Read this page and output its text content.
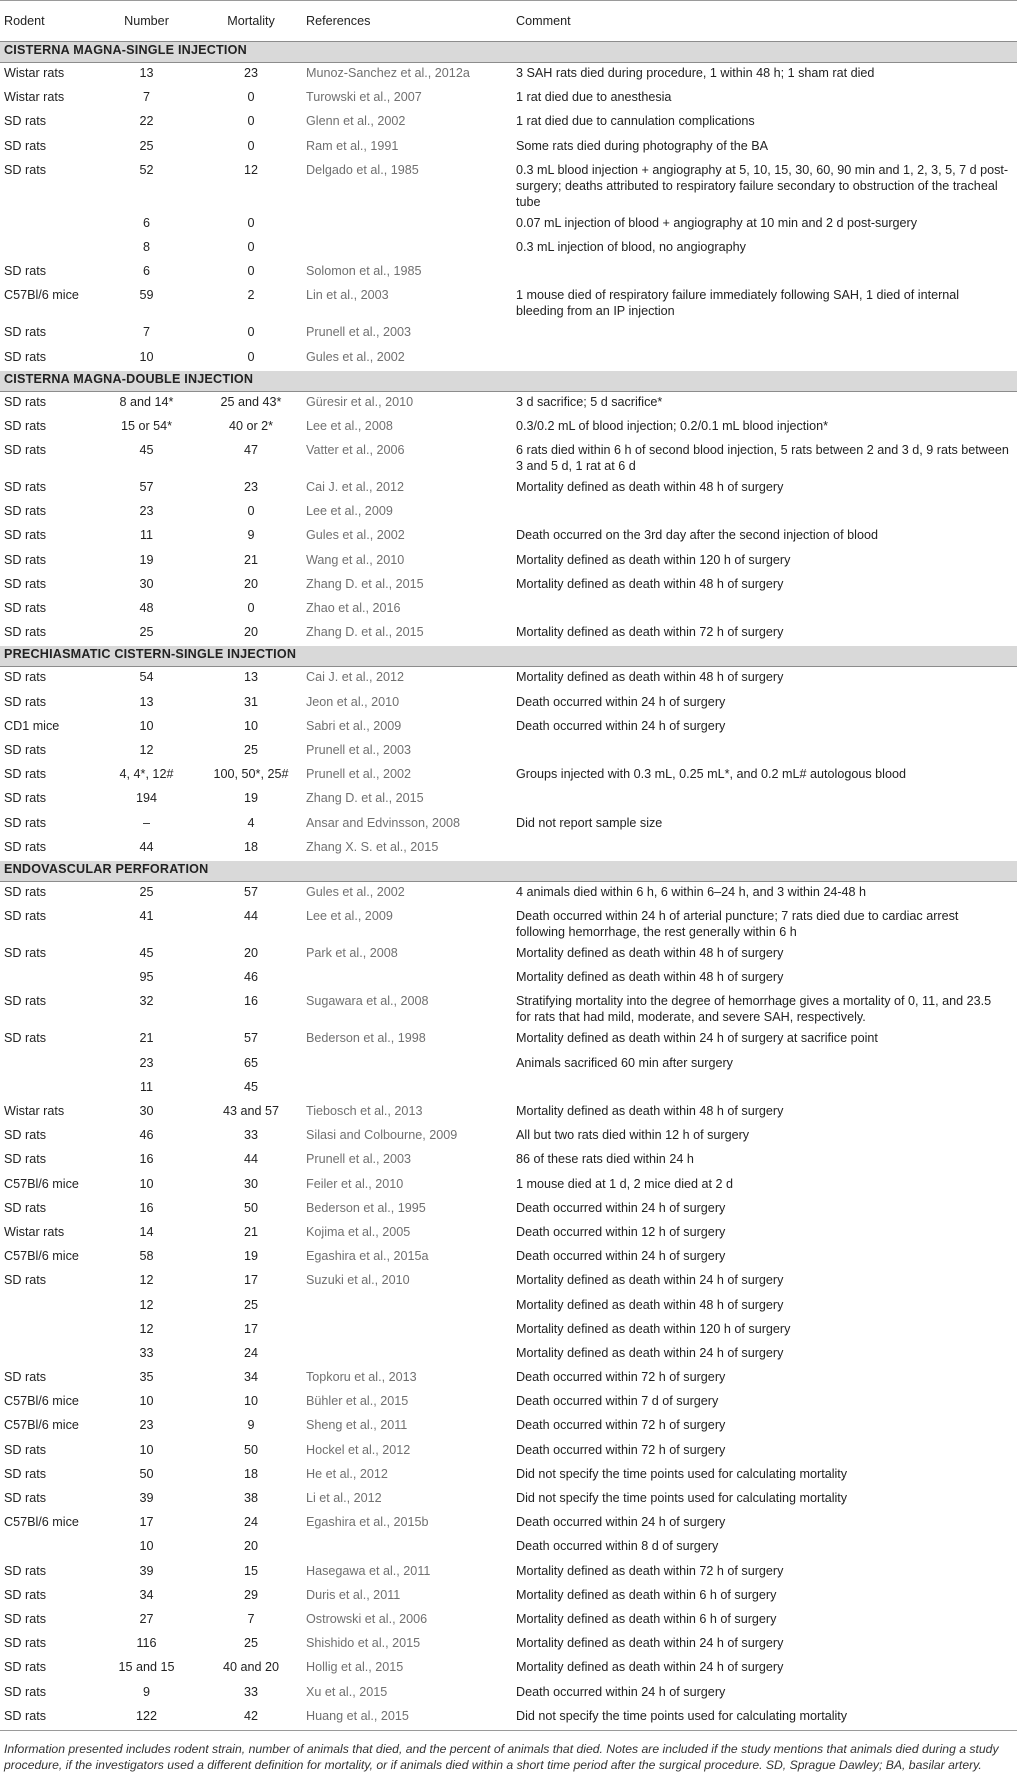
Rodent	Number	Mortality	References	Comment
CISTERNA MAGNA-SINGLE INJECTION				
Wistar rats	13	23	Munoz-Sanchez et al., 2012a	3 SAH rats died during procedure, 1 within 48 h; 1 sham rat died
Wistar rats	7	0	Turowski et al., 2007	1 rat died due to anesthesia
SD rats	22	0	Glenn et al., 2002	1 rat died due to cannulation complications
SD rats	25	0	Ram et al., 1991	Some rats died during photography of the BA
SD rats	52	12	Delgado et al., 1985	0.3 mL blood injection + angiography at 5, 10, 15, 30, 60, 90 min and 1, 2, 3, 5, 7 d post-surgery; deaths attributed to respiratory failure secondary to obstruction of the tracheal tube
	6	0		0.07 mL injection of blood + angiography at 10 min and 2 d post-surgery
	8	0		0.3 mL injection of blood, no angiography
SD rats	6	0	Solomon et al., 1985	
C57Bl/6 mice	59	2	Lin et al., 2003	1 mouse died of respiratory failure immediately following SAH, 1 died of internal bleeding from an IP injection
SD rats	7	0	Prunell et al., 2003	
SD rats	10	0	Gules et al., 2002	
CISTERNA MAGNA-DOUBLE INJECTION				
SD rats	8 and 14*	25 and 43*	Güresir et al., 2010	3 d sacrifice; 5 d sacrifice*
SD rats	15 or 54*	40 or 2*	Lee et al., 2008	0.3/0.2 mL of blood injection; 0.2/0.1 mL blood injection*
SD rats	45	47	Vatter et al., 2006	6 rats died within 6 h of second blood injection, 5 rats between 2 and 3 d, 9 rats between 3 and 5 d, 1 rat at 6 d
SD rats	57	23	Cai J. et al., 2012	Mortality defined as death within 48 h of surgery
SD rats	23	0	Lee et al., 2009	
SD rats	11	9	Gules et al., 2002	Death occurred on the 3rd day after the second injection of blood
SD rats	19	21	Wang et al., 2010	Mortality defined as death within 120 h of surgery
SD rats	30	20	Zhang D. et al., 2015	Mortality defined as death within 48 h of surgery
SD rats	48	0	Zhao et al., 2016	
SD rats	25	20	Zhang D. et al., 2015	Mortality defined as death within 72 h of surgery
PRECHIASMATIC CISTERN-SINGLE INJECTION				
SD rats	54	13	Cai J. et al., 2012	Mortality defined as death within 48 h of surgery
SD rats	13	31	Jeon et al., 2010	Death occurred within 24 h of surgery
CD1 mice	10	10	Sabri et al., 2009	Death occurred within 24 h of surgery
SD rats	12	25	Prunell et al., 2003	
SD rats	4, 4*, 12#	100, 50*, 25#	Prunell et al., 2002	Groups injected with 0.3 mL, 0.25 mL*, and 0.2 mL# autologous blood
SD rats	194	19	Zhang D. et al., 2015	
SD rats	–	4	Ansar and Edvinsson, 2008	Did not report sample size
SD rats	44	18	Zhang X. S. et al., 2015	
ENDOVASCULAR PERFORATION				
SD rats	25	57	Gules et al., 2002	4 animals died within 6 h, 6 within 6–24 h, and 3 within 24-48 h
SD rats	41	44	Lee et al., 2009	Death occurred within 24 h of arterial puncture; 7 rats died due to cardiac arrest following hemorrhage, the rest generally within 6 h
SD rats	45	20	Park et al., 2008	Mortality defined as death within 48 h of surgery
	95	46		Mortality defined as death within 48 h of surgery
SD rats	32	16	Sugawara et al., 2008	Stratifying mortality into the degree of hemorrhage gives a mortality of 0, 11, and 23.5 for rats that had mild, moderate, and severe SAH, respectively.
SD rats	21	57	Bederson et al., 1998	Mortality defined as death within 24 h of surgery at sacrifice point
	23	65		Animals sacrificed 60 min after surgery
	11	45		
Wistar rats	30	43 and 57	Tiebosch et al., 2013	Mortality defined as death within 48 h of surgery
SD rats	46	33	Silasi and Colbourne, 2009	All but two rats died within 12 h of surgery
SD rats	16	44	Prunell et al., 2003	86 of these rats died within 24 h
C57Bl/6 mice	10	30	Feiler et al., 2010	1 mouse died at 1 d, 2 mice died at 2 d
SD rats	16	50	Bederson et al., 1995	Death occurred within 24 h of surgery
Wistar rats	14	21	Kojima et al., 2005	Death occurred within 12 h of surgery
C57Bl/6 mice	58	19	Egashira et al., 2015a	Death occurred within 24 h of surgery
SD rats	12	17	Suzuki et al., 2010	Mortality defined as death within 24 h of surgery
	12	25		Mortality defined as death within 48 h of surgery
	12	17		Mortality defined as death within 120 h of surgery
	33	24		Mortality defined as death within 24 h of surgery
SD rats	35	34	Topkoru et al., 2013	Death occurred within 72 h of surgery
C57Bl/6 mice	10	10	Bühler et al., 2015	Death occurred within 7 d of surgery
C57Bl/6 mice	23	9	Sheng et al., 2011	Death occurred within 72 h of surgery
SD rats	10	50	Hockel et al., 2012	Death occurred within 72 h of surgery
SD rats	50	18	He et al., 2012	Did not specify the time points used for calculating mortality
SD rats	39	38	Li et al., 2012	Did not specify the time points used for calculating mortality
C57Bl/6 mice	17	24	Egashira et al., 2015b	Death occurred within 24 h of surgery
	10	20		Death occurred within 8 d of surgery
SD rats	39	15	Hasegawa et al., 2011	Mortality defined as death within 72 h of surgery
SD rats	34	29	Duris et al., 2011	Mortality defined as death within 6 h of surgery
SD rats	27	7	Ostrowski et al., 2006	Mortality defined as death within 6 h of surgery
SD rats	116	25	Shishido et al., 2015	Mortality defined as death within 24 h of surgery
SD rats	15 and 15	40 and 20	Hollig et al., 2015	Mortality defined as death within 24 h of surgery
SD rats	9	33	Xu et al., 2015	Death occurred within 24 h of surgery
SD rats	122	42	Huang et al., 2015	Did not specify the time points used for calculating mortality
Information presented includes rodent strain, number of animals that died, and the percent of animals that died. Notes are included if the study mentions that animals died during a study procedure, if the investigators used a different definition for mortality, or if animals died within a short time period after the surgical procedure. SD, Sprague Dawley; BA, basilar artery.
